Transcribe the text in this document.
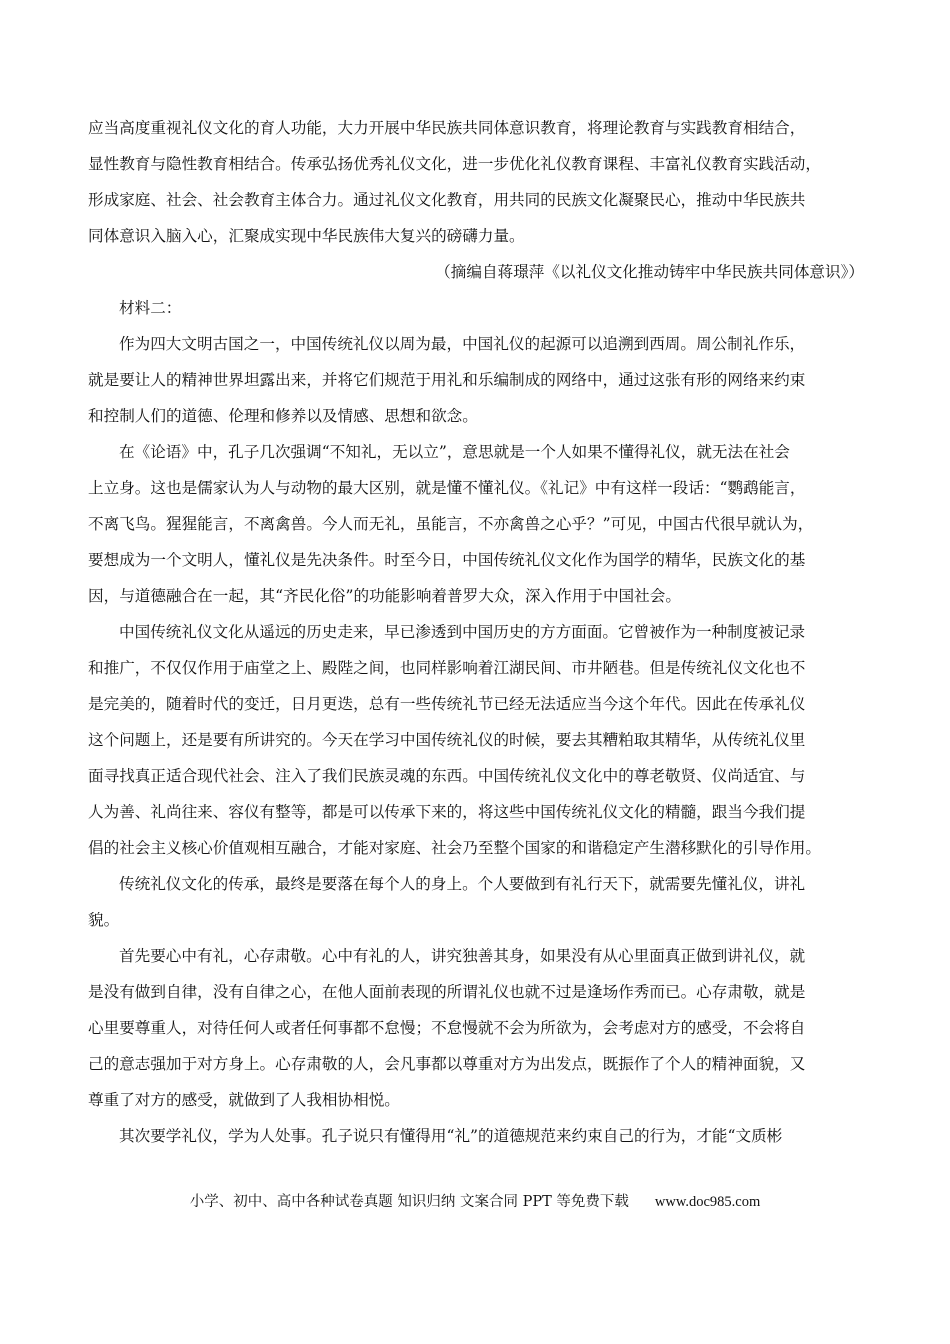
应当高度重视礼仪文化的育人功能，大力开展中华民族共同体意识教育，将理论教育与实践教育相结合，
显性教育与隐性教育相结合。传承弘扬优秀礼仪文化，进一步优化礼仪教育课程、丰富礼仪教育实践活动，
形成家庭、社会、社会教育主体合力。通过礼仪文化教育，用共同的民族文化凝聚民心，推动中华民族共
同体意识入脑入心，汇聚成实现中华民族伟大复兴的磅礴力量。
（摘编自蒋璟萍《以礼仪文化推动铸牢中华民族共同体意识》）
材料二：
作为四大文明古国之一，中国传统礼仪以周为最，中国礼仪的起源可以追溯到西周。周公制礼作乐，
就是要让人的精神世界坦露出来，并将它们规范于用礼和乐编制成的网络中，通过这张有形的网络来约束
和控制人们的道德、伦理和修养以及情感、思想和欲念。
在《论语》中，孔子几次强调“不知礼，无以立”，意思就是一个人如果不懂得礼仪，就无法在社会
上立身。这也是儒家认为人与动物的最大区别，就是懂不懂礼仪。《礼记》中有这样一段话：“鹦鹉能言，
不离飞鸟。猩猩能言，不离禽兽。今人而无礼，虽能言，不亦禽兽之心乎？”可见，中国古代很早就认为，
要想成为一个文明人，懂礼仪是先决条件。时至今日，中国传统礼仪文化作为国学的精华，民族文化的基
因，与道德融合在一起，其“齐民化俗”的功能影响着普罗大众，深入作用于中国社会。
中国传统礼仪文化从遥远的历史走来，早已渗透到中国历史的方方面面。它曾被作为一种制度被记录
和推广，不仅仅作用于庙堂之上、殿陛之间，也同样影响着江湖民间、市井陋巷。但是传统礼仪文化也不
是完美的，随着时代的变迁，日月更迭，总有一些传统礼节已经无法适应当今这个年代。因此在传承礼仪
这个问题上，还是要有所讲究的。今天在学习中国传统礼仪的时候，要去其糟粕取其精华，从传统礼仪里
面寻找真正适合现代社会、注入了我们民族灵魂的东西。中国传统礼仪文化中的尊老敬贤、仪尚适宜、与
人为善、礼尚往来、容仪有整等，都是可以传承下来的，将这些中国传统礼仪文化的精髓，跟当今我们提
倡的社会主义核心价值观相互融合，才能对家庭、社会乃至整个国家的和谐稳定产生潜移默化的引导作用。
传统礼仪文化的传承，最终是要落在每个人的身上。个人要做到有礼行天下，就需要先懂礼仪，讲礼
貌。
首先要心中有礼，心存肃敬。心中有礼的人，讲究独善其身，如果没有从心里面真正做到讲礼仪，就
是没有做到自律，没有自律之心，在他人面前表现的所谓礼仪也就不过是逢场作秀而已。心存肃敬，就是
心里要尊重人，对待任何人或者任何事都不怠慢；不怠慢就不会为所欲为，会考虑对方的感受，不会将自
己的意志强加于对方身上。心存肃敬的人，会凡事都以尊重对方为出发点，既振作了个人的精神面貌，又
尊重了对方的感受，就做到了人我相协相悦。
其次要学礼仪，学为人处事。孔子说只有懂得用“礼”的道德规范来约束自己的行为，才能“文质彬
小学、初中、高中各种试卷真题 知识归纳 文案合同 PPT 等免费下载 www.doc985.com
